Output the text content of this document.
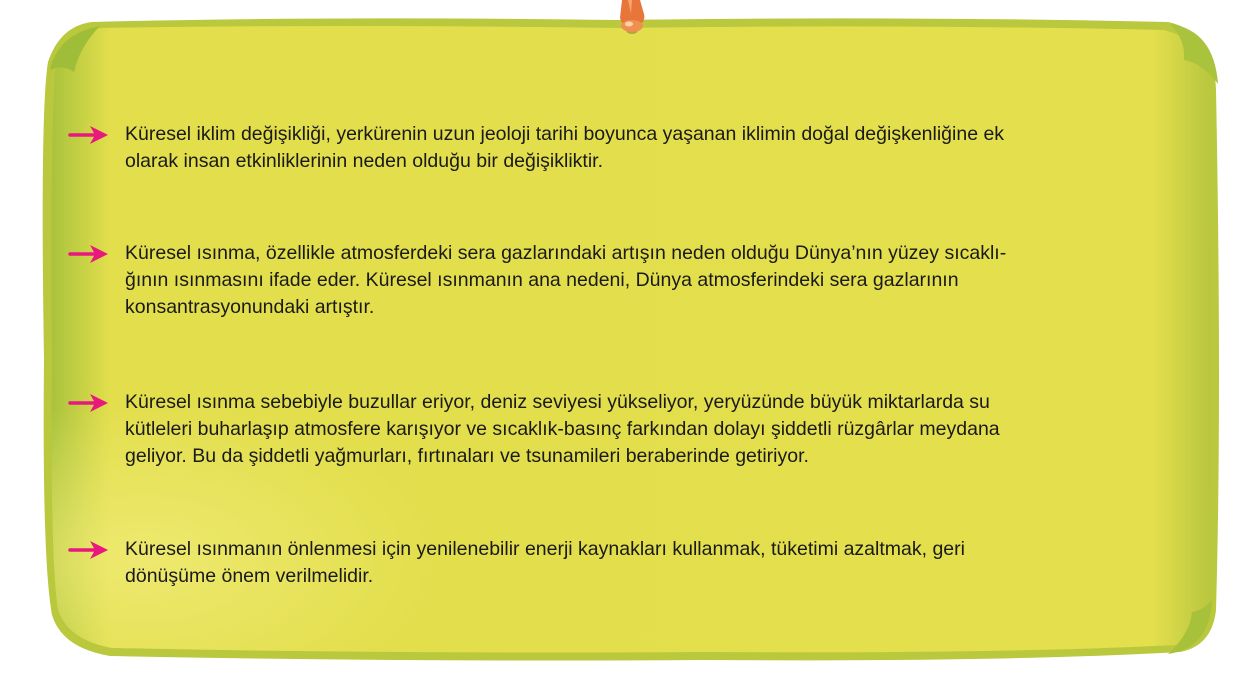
Küresel iklim değişikliği, yerkürenin uzun jeoloji tarihi boyunca yaşanan iklimin doğal değişkenliğine ek
olarak insan etkinliklerinin neden olduğu bir değişikliktir.

Küresel ısınma, özellikle atmosferdeki sera gazlarındaki artışın neden olduğu Dünya’nın yüzey sıcaklı-
ğının ısınmasını ifade eder. Küresel ısınmanın ana nedeni, Dünya atmosferindeki sera gazlarının
konsantrasyonundaki artıştır.

Küresel ısınma sebebiyle buzullar eriyor, deniz seviyesi yükseliyor, yeryüzünde büyük miktarlarda su
kütleleri buharlaşıp atmosfere karışıyor ve sıcaklık-basınç farkından dolayı şiddetli rüzgârlar meydana
geliyor. Bu da şiddetli yağmurları, fırtınaları ve tsunamileri beraberinde getiriyor.

Küresel ısınmanın önlenmesi için yenilenebilir enerji kaynakları kullanmak, tüketimi azaltmak, geri
dönüşüme önem verilmelidir.
